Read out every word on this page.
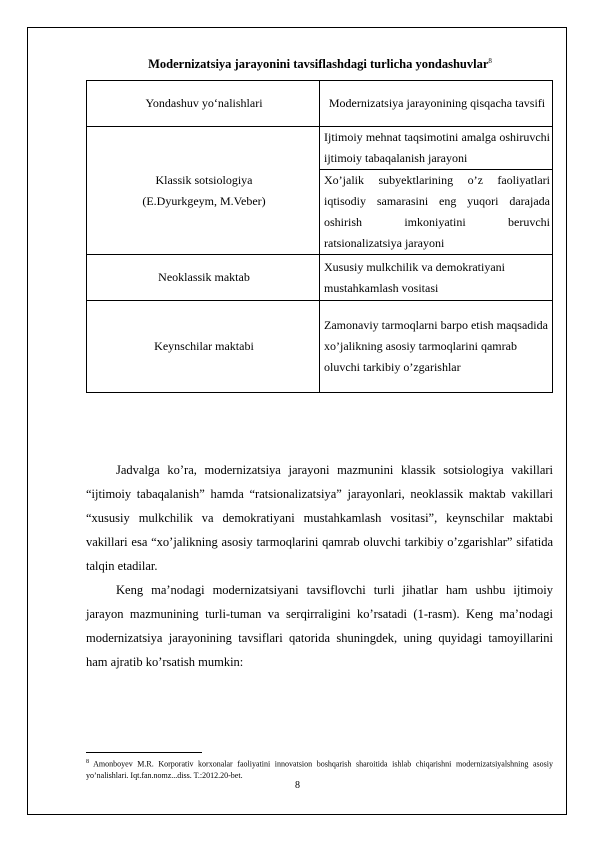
Modernizatsiya jarayonini tavsiflashdagi turlicha yondashuvlar$^8$
Yondashuv yo‘nalishlari	Modernizatsiya jarayonining qisqacha tavsifi

Klassik sotsiologiya
(E.Dyurkgeym, M.Veber)	Ijtimoiy mehnat taqsimotini amalga oshiruvchi ijtimoiy tabaqalanish jarayoni
	Xo’jalik subyektlarining o’z faoliyatlari iqtisodiy samarasini eng yuqori darajada oshirish imkoniyatini beruvchi ratsionalizatsiya jarayoni
Neoklassik maktab	Xususiy mulkchilik va demokratiyani mustahkamlash vositasi
Keynschilar maktabi	Zamonaviy tarmoqlarni barpo etish maqsadida xo’jalikning asosiy tarmoqlarini qamrab oluvchi tarkibiy o’zgarishlar

Jadvalga ko’ra, modernizatsiya jarayoni mazmunini klassik sotsiologiya vakillari “ijtimoiy tabaqalanish” hamda “ratsionalizatsiya” jarayonlari, neoklassik maktab vakillari “xususiy mulkchilik va demokratiyani mustahkamlash vositasi”, keynschilar maktabi vakillari esa “xo’jalikning asosiy tarmoqlarini qamrab oluvchi tarkibiy o’zgarishlar” sifatida talqin etadilar.

Keng ma’nodagi modernizatsiyani tavsiflovchi turli jihatlar ham ushbu ijtimoiy jarayon mazmunining turli-tuman va serqirraligini ko’rsatadi (1-rasm). Keng ma’nodagi modernizatsiya jarayonining tavsiflari qatorida shuningdek, uning quyidagi tamoyillarini ham ajratib ko’rsatish mumkin:

$^8$ Amonboyev M.R. Korporativ korxonalar faoliyatini innovatsion boshqarish sharoitida ishlab chiqarishni modernizatsiyalshning asosiy yo’nalishlari. Iqt.fan.nomz...diss. T.:2012.20-bet.
8
